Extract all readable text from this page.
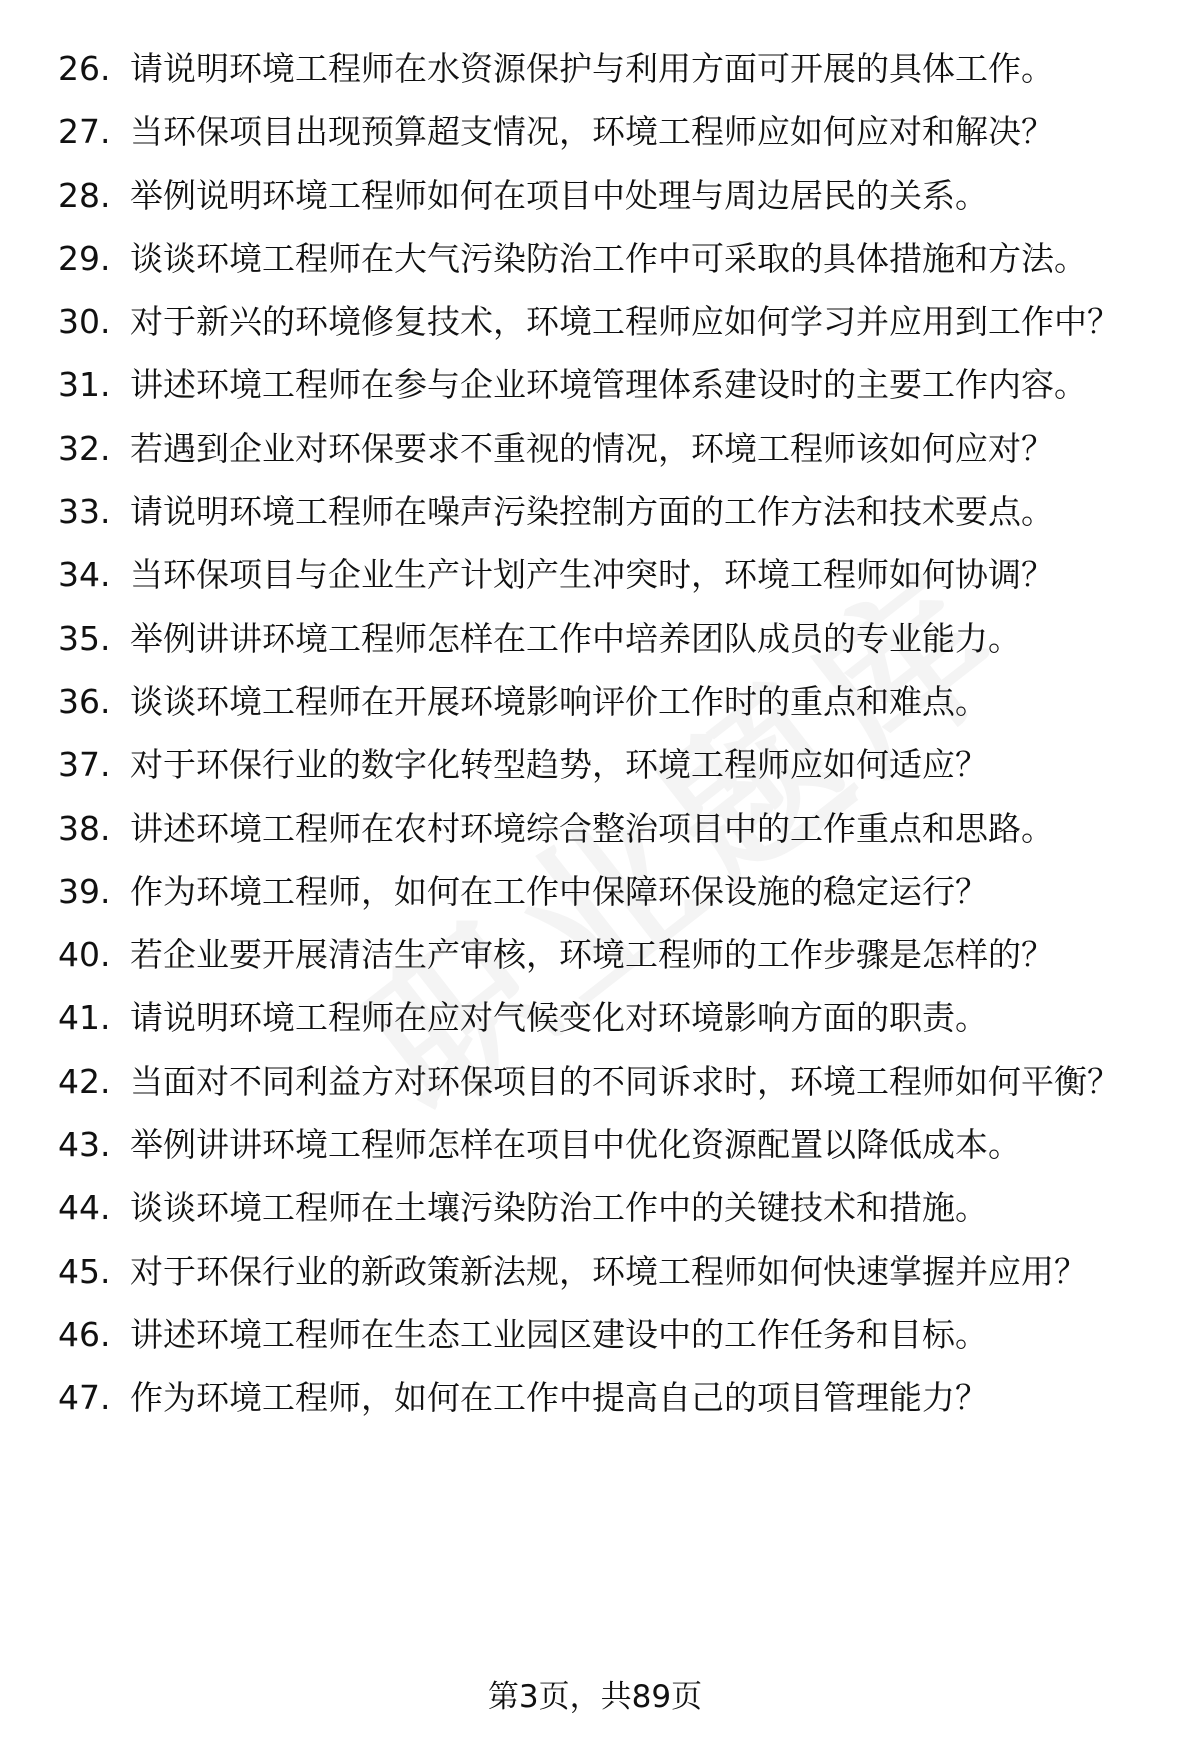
26. 请说明环境工程师在水资源保护与利用方面可开展的具体工作。
27. 当环保项目出现预算超支情况，环境工程师应如何应对和解决？
28. 举例说明环境工程师如何在项目中处理与周边居民的关系。
29. 谈谈环境工程师在大气污染防治工作中可采取的具体措施和方法。
30. 对于新兴的环境修复技术，环境工程师应如何学习并应用到工作中？
31. 讲述环境工程师在参与企业环境管理体系建设时的主要工作内容。
32. 若遇到企业对环保要求不重视的情况，环境工程师该如何应对？
33. 请说明环境工程师在噪声污染控制方面的工作方法和技术要点。
34. 当环保项目与企业生产计划产生冲突时，环境工程师如何协调？
35. 举例讲讲环境工程师怎样在工作中培养团队成员的专业能力。
36. 谈谈环境工程师在开展环境影响评价工作时的重点和难点。
37. 对于环保行业的数字化转型趋势，环境工程师应如何适应？
38. 讲述环境工程师在农村环境综合整治项目中的工作重点和思路。
39. 作为环境工程师，如何在工作中保障环保设施的稳定运行？
40. 若企业要开展清洁生产审核，环境工程师的工作步骤是怎样的？
41. 请说明环境工程师在应对气候变化对环境影响方面的职责。
42. 当面对不同利益方对环保项目的不同诉求时，环境工程师如何平衡？
43. 举例讲讲环境工程师怎样在项目中优化资源配置以降低成本。
44. 谈谈环境工程师在土壤污染防治工作中的关键技术和措施。
45. 对于环保行业的新政策新法规，环境工程师如何快速掌握并应用？
46. 讲述环境工程师在生态工业园区建设中的工作任务和目标。
47. 作为环境工程师，如何在工作中提高自己的项目管理能力？
第3页，共89页
